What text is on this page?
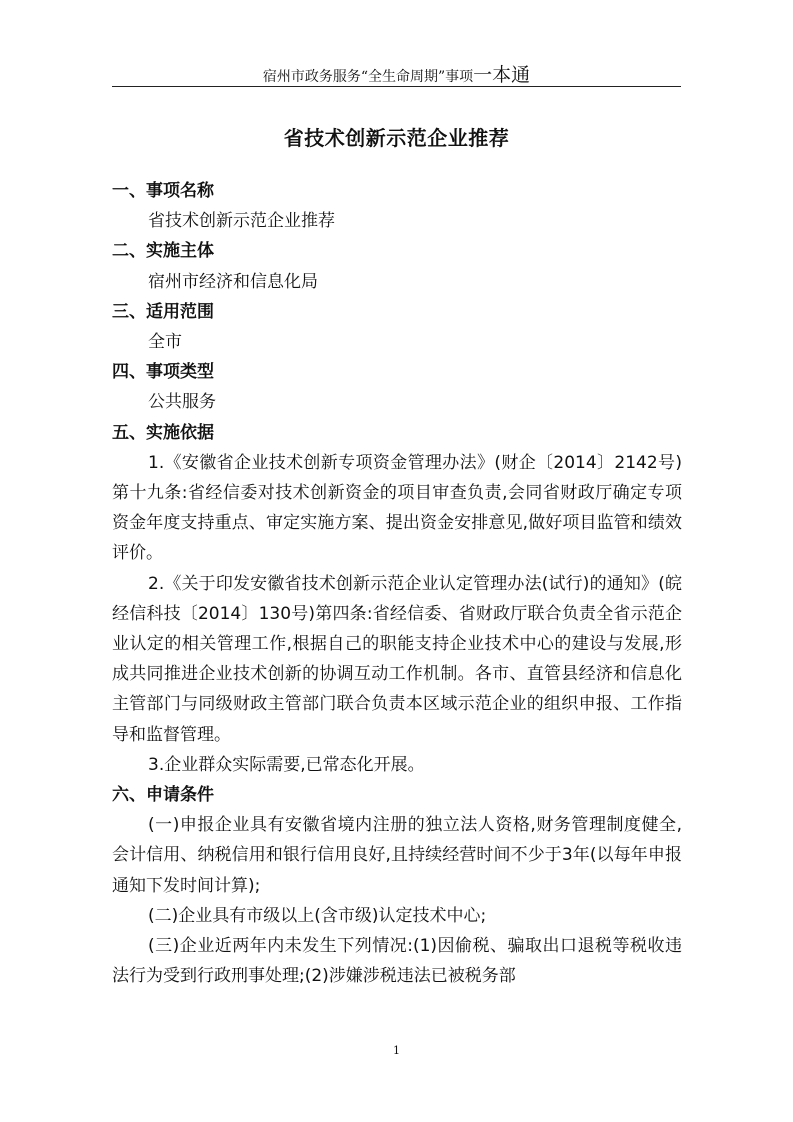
宿州市政务服务“全生命周期”事项一本通
省技术创新示范企业推荐

一、事项名称

省技术创新示范企业推荐

二、实施主体

宿州市经济和信息化局

三、适用范围

全市

四、事项类型

公共服务

五、实施依据

1.《安徽省企业技术创新专项资金管理办法》(财企〔2014〕2142号)第十九条:省经信委对技术创新资金的项目审查负责,会同省财政厅确定专项资金年度支持重点、审定实施方案、提出资金安排意见,做好项目监管和绩效评价。

2.《关于印发安徽省技术创新示范企业认定管理办法(试行)的通知》(皖经信科技〔2014〕130号)第四条:省经信委、省财政厅联合负责全省示范企业认定的相关管理工作,根据自己的职能支持企业技术中心的建设与发展,形成共同推进企业技术创新的协调互动工作机制。各市、直管县经济和信息化主管部门与同级财政主管部门联合负责本区域示范企业的组织申报、工作指导和监督管理。

3.企业群众实际需要,已常态化开展。

六、申请条件

(一)申报企业具有安徽省境内注册的独立法人资格,财务管理制度健全,会计信用、纳税信用和银行信用良好,且持续经营时间不少于3年(以每年申报通知下发时间计算);

(二)企业具有市级以上(含市级)认定技术中心;

(三)企业近两年内未发生下列情况:(1)因偷税、骗取出口退税等税收违法行为受到行政刑事处理;(2)涉嫌涉税违法已被税务部

1
